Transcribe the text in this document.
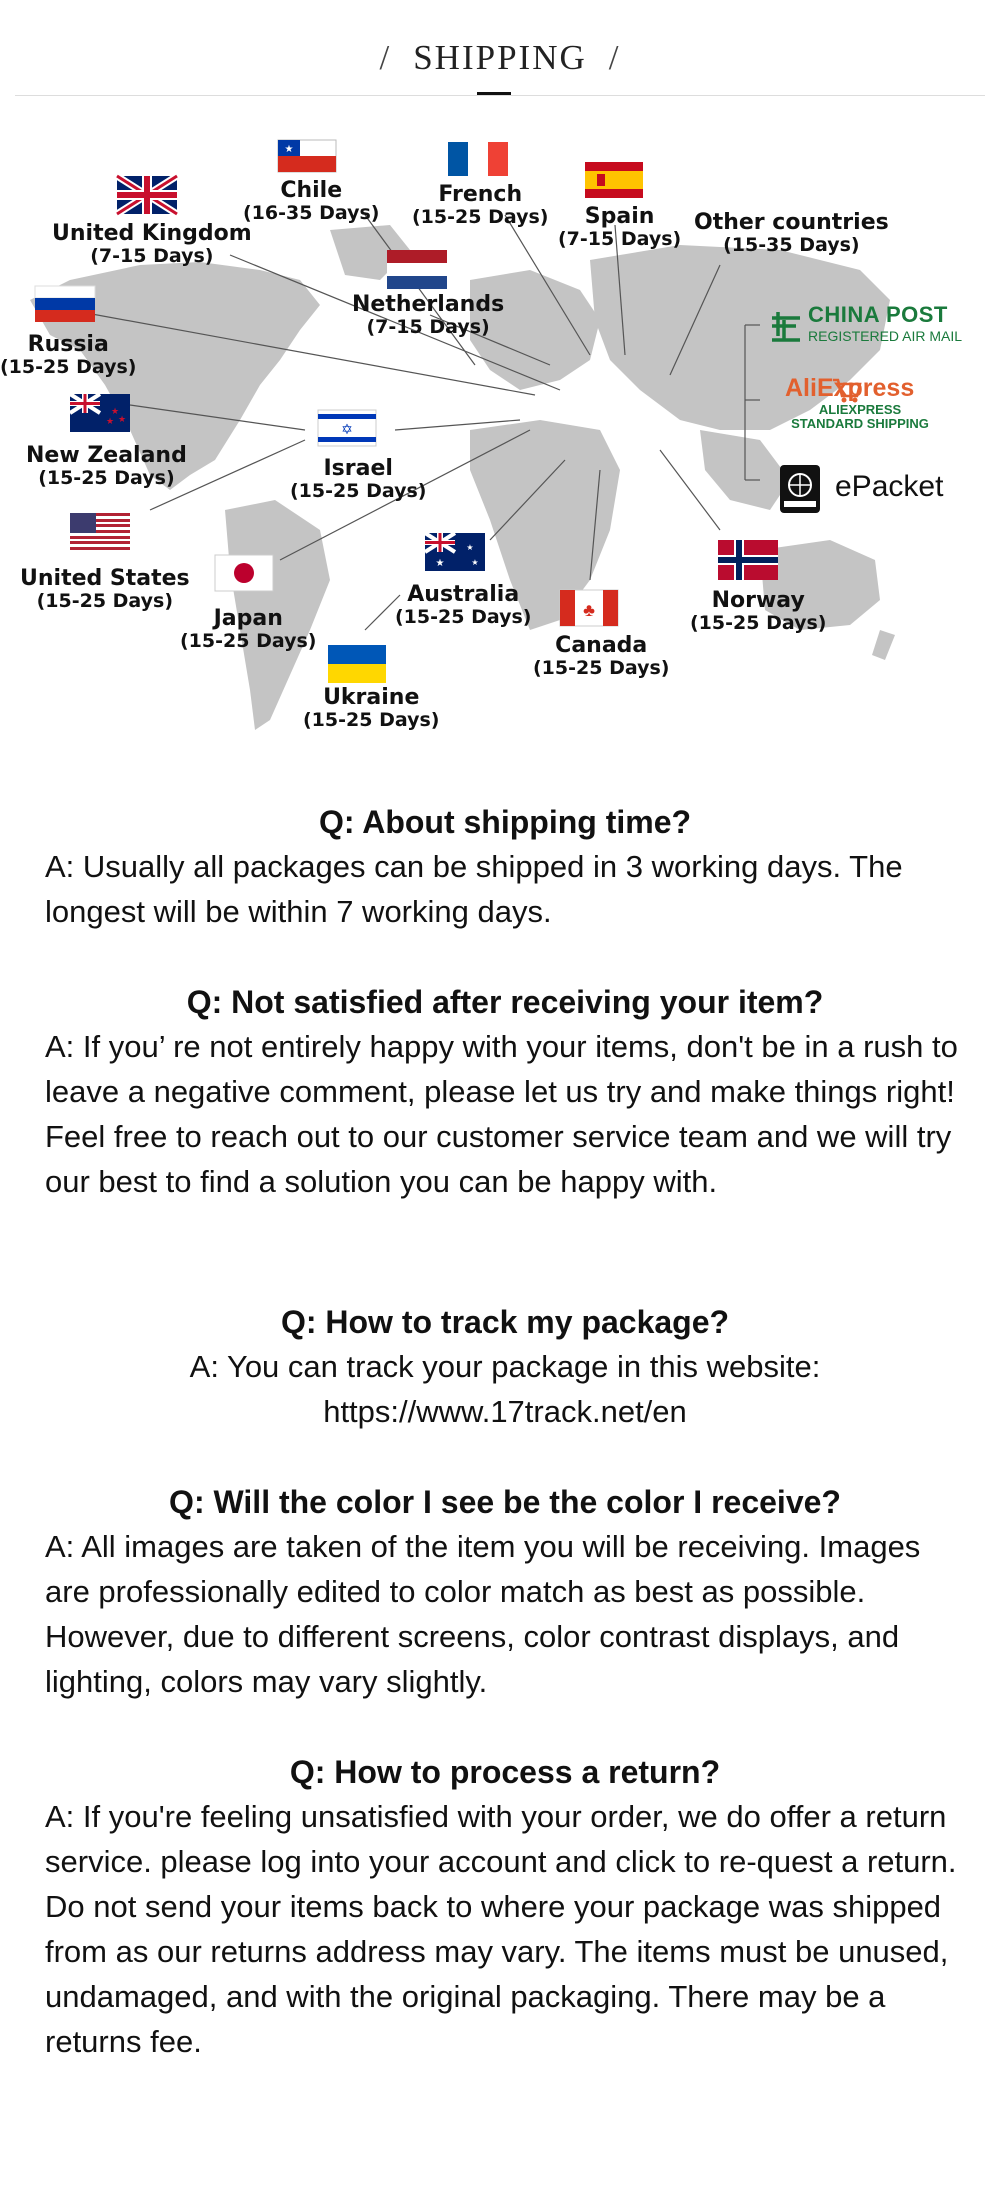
/ SHIPPING /
★
★
★ ★
✡
★
★
★
♣
Chile
(16-35 Days)
French
(15-25 Days)	Spain
(7-15 Days)
Other countries
(15-35 Days)
United Kingdom
(7-15 Days)
Netherlands
(7-15 Days)
Russia
(15-25 Days)
New Zealand
(15-25 Days)	Israel
(15-25 Days)
United States
(15-25 Days)
Japan
(15-25 Days)
Australia
(15-25 Days)
Canada
(15-25 Days)
Norway
(15-25 Days)
Ukraine
(15-25 Days)
CHINA POST
REGISTERED AIR MAIL
AliExpress
ALIEXPRESS
STANDARD SHIPPING
ePacket
Q: About shipping time?
A: Usually all packages can be shipped in 3 working days. The longest will be within 7 working days.
Q: Not satisfied after receiving your item?
A: If you’ re not entirely happy with your items, don't be in a rush to leave a negative comment, please let us try and make things right! Feel free to reach out to our customer service team and we will try our best to find a solution you can be happy with.
Q: How to track my package?
A: You can track your package in this website: https://www.17track.net/en
Q: Will the color I see be the color I receive?
A: All images are taken of the item you will be receiving. Images are professionally edited to color match as best as possible. However, due to different screens, color contrast displays, and lighting, colors may vary slightly.
Q: How to process a return?
A: If you're feeling unsatisfied with your order, we do offer a return service. please log into your account and click to re-quest a return. Do not send your items back to where your package was shipped from as our returns address may vary. The items must be unused, undamaged, and with the original packaging. There may be a returns fee.
